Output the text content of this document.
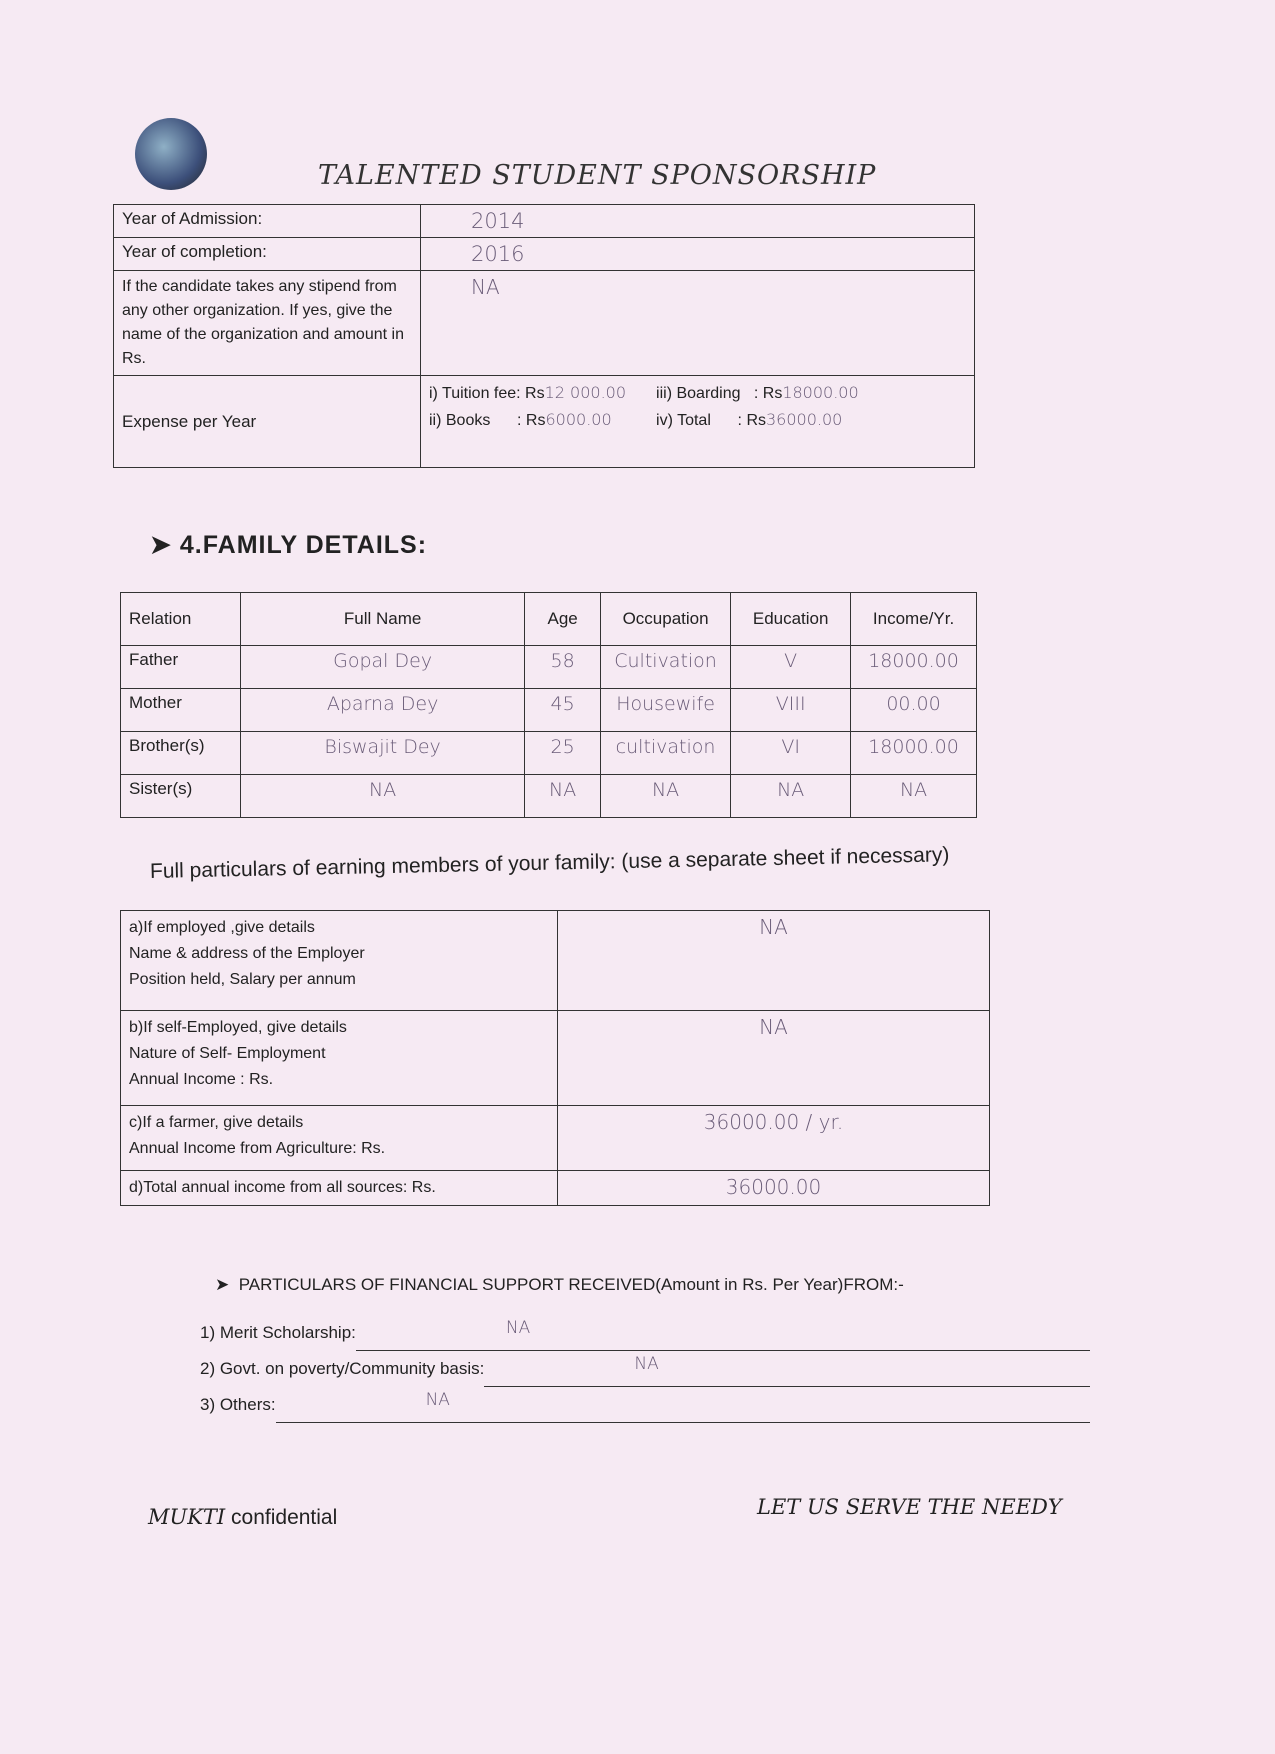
TALENTED STUDENT SPONSORSHIP
Year of Admission:	2014
Year of completion:	2016
If the candidate takes any stipend from any other organization. If yes, give the name of the organization and amount in Rs.	NA
Expense per Year	i) Tuition fee: Rs12 000.00
ii) Books      : Rs6000.00
iii) Boarding   : Rs18000.00
iv) Total      : Rs36000.00
➤ 4.FAMILY DETAILS:
Relation	Full Name	Age	Occupation	Education	Income/Yr.
Father	Gopal Dey	58	Cultivation	V	18000.00
Mother	Aparna Dey	45	Housewife	VIII	00.00
Brother(s)	Biswajit Dey	25	cultivation	VI	18000.00
Sister(s)	NA	NA	NA	NA	NA
Full particulars of earning members of your family: (use a separate sheet if necessary)
a)If employed ,give details
Name & address of the Employer
Position held, Salary per annum	NA
b)If self-Employed, give details
Nature of Self- Employment
Annual Income : Rs.	NA
c)If a farmer, give details
Annual Income from Agriculture: Rs.	36000.00 / yr.
d)Total annual income from all sources: Rs.	36000.00
➤  PARTICULARS OF FINANCIAL SUPPORT RECEIVED(Amount in Rs. Per Year)FROM:-
1) Merit Scholarship:	NA
2) Govt. on poverty/Community basis:	NA
3) Others:	NA
MUKTI confidential	LET US SERVE THE NEEDY
